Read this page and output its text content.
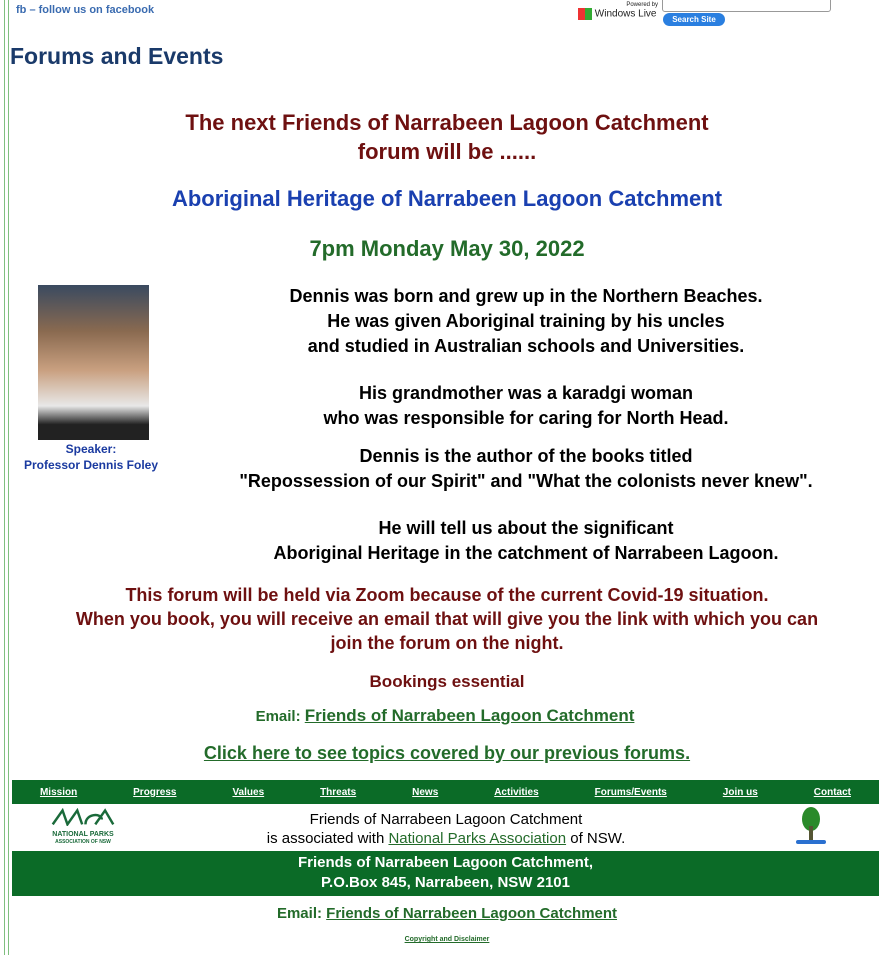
fb – follow us on facebook	Powered by
Windows Live	Search Site
Forums and Events
The next Friends of Narrabeen Lagoon Catchment
forum will be ......
Aboriginal Heritage of Narrabeen Lagoon Catchment
7pm Monday May 30, 2022
Speaker:
Professor Dennis Foley
Dennis was born and grew up in the Northern Beaches.
He was given Aboriginal training by his uncles
and studied in Australian schools and Universities.
His grandmother was a karadgi woman
who was responsible for caring for North Head.
Dennis is the author of the books titled
"Repossession of our Spirit" and "What the colonists never knew".
He will tell us about the significant
Aboriginal Heritage in the catchment of Narrabeen Lagoon.
This forum will be held via Zoom because of the current Covid-19 situation.
When you book, you will receive an email that will give you the link with which you can
join the forum on the night.
Bookings essential
Email: Friends of Narrabeen Lagoon Catchment
Click here to see topics covered by our previous forums.
Mission	Progress	Values	Threats	News	Activities	Forums/Events	Join us	Contact
NATIONAL PARKS
ASSOCIATION OF NSW
Friends of Narrabeen Lagoon Catchment
is associated with National Parks Association of NSW.
Friends of Narrabeen Lagoon Catchment,
P.O.Box 845, Narrabeen, NSW 2101
Email: Friends of Narrabeen Lagoon Catchment
Copyright and Disclaimer
